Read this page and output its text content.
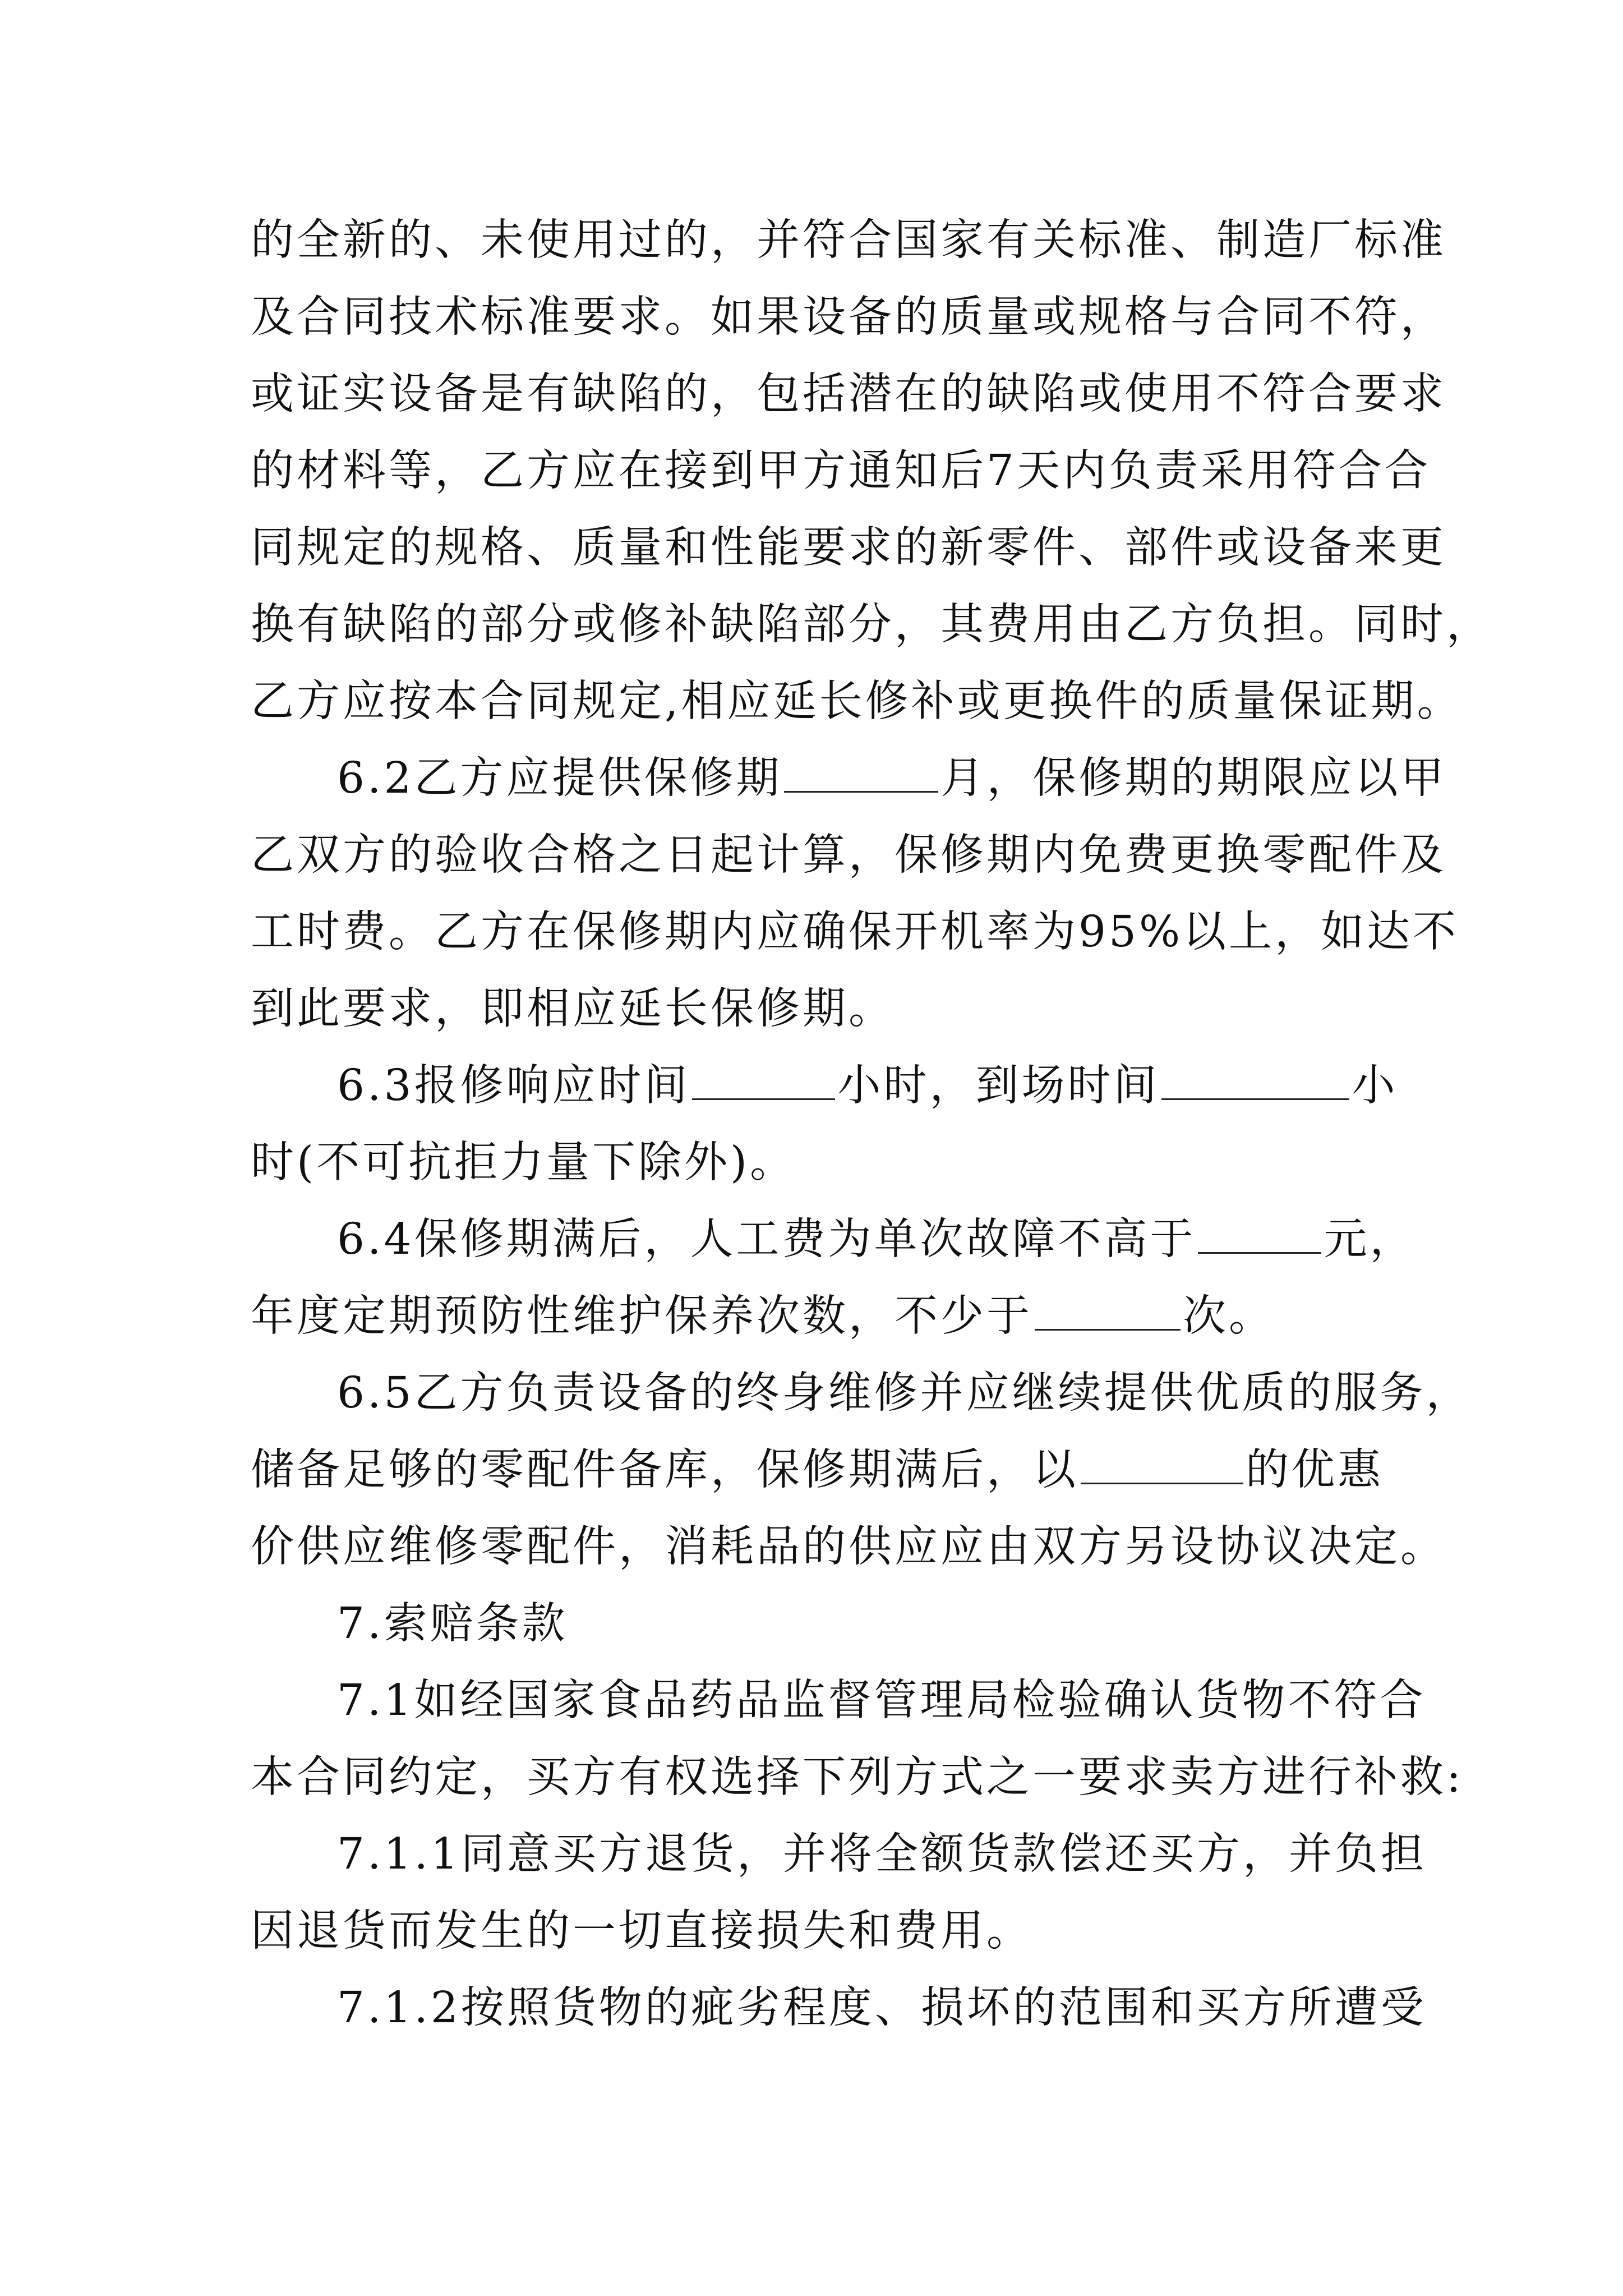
的全新的、未使用过的，并符合国家有关标准、制造厂标准
及合同技术标准要求。如果设备的质量或规格与合同不符，
或证实设备是有缺陷的，包括潜在的缺陷或使用不符合要求
的材料等，乙方应在接到甲方通知后7天内负责采用符合合
同规定的规格、质量和性能要求的新零件、部件或设备来更
换有缺陷的部分或修补缺陷部分，其费用由乙方负担。同时，
乙方应按本合同规定,相应延长修补或更换件的质量保证期。
6.2乙方应提供保修期	月，保修期的期限应以甲
乙双方的验收合格之日起计算，保修期内免费更换零配件及
工时费。乙方在保修期内应确保开机率为95%以上，如达不
到此要求，即相应延长保修期。
6.3报修响应时间	小时，到场时间	小
时(不可抗拒力量下除外)。
6.4保修期满后，人工费为单次故障不高于	元，
年度定期预防性维护保养次数，不少于	次。
6.5乙方负责设备的终身维修并应继续提供优质的服务，
储备足够的零配件备库，保修期满后，以	的优惠
价供应维修零配件，消耗品的供应应由双方另设协议决定。
7.索赔条款
7.1如经国家食品药品监督管理局检验确认货物不符合
本合同约定，买方有权选择下列方式之一要求卖方进行补救:
7.1.1同意买方退货，并将全额货款偿还买方，并负担
因退货而发生的一切直接损失和费用。
7.1.2按照货物的疵劣程度、损坏的范围和买方所遭受
